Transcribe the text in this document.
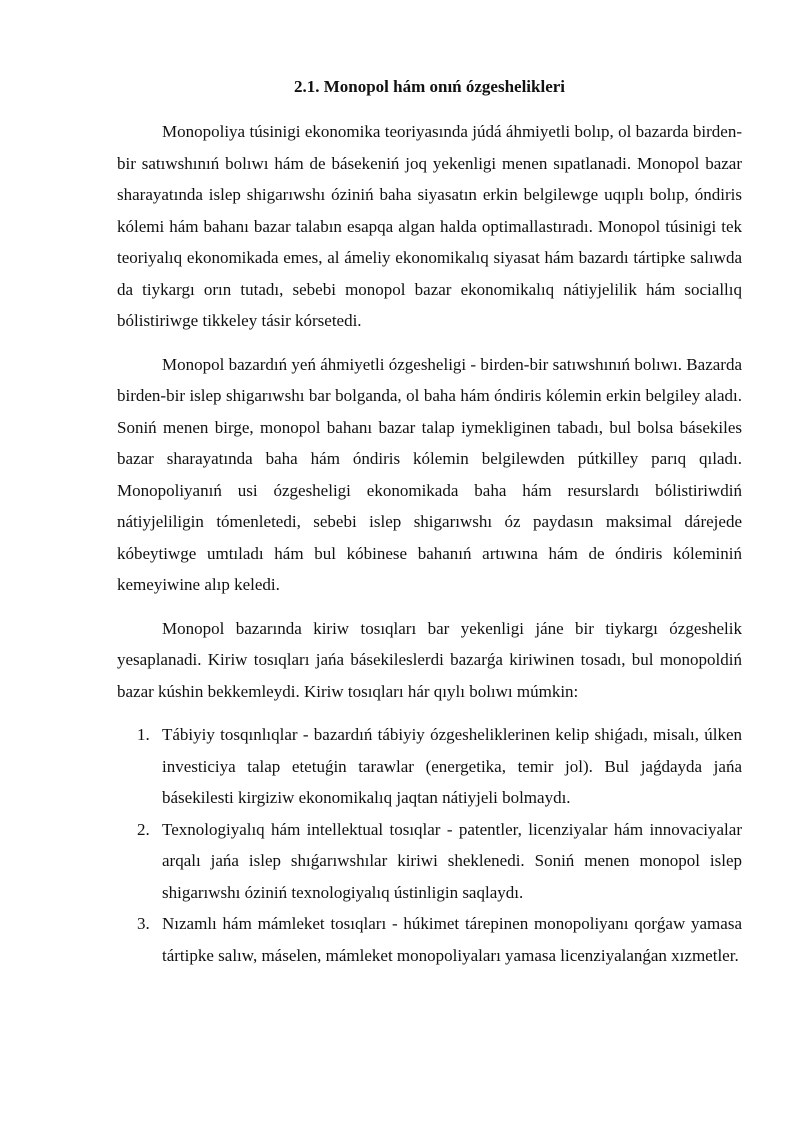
2.1. Monopol hám onıń ózgeshelikleri

Monopoliya túsinigi ekonomika teoriyasında júdá áhmiyetli bolıp, ol bazarda birden-bir satıwshınıń bolıwı hám de básekeniń joq yekenligi menen sıpatlanadi. Monopol bazar sharayatında islep shigarıwshı óziniń baha siyasatın erkin belgilewge uqıplı bolıp, óndiris kólemi hám bahanı bazar talabın esapqa algan halda optimallastıradı. Monopol túsinigi tek teoriyalıq ekonomikada emes, al ámeliy ekonomikalıq siyasat hám bazardı tártipke salıwda da tiykargı orın tutadı, sebebi monopol bazar ekonomikalıq nátiyjelilik hám sociallıq bólistiriwge tikkeley tásir kórsetedi.

Monopol bazardıń yeń áhmiyetli ózgesheligi - birden-bir satıwshınıń bolıwı. Bazarda birden-bir islep shigarıwshı bar bolganda, ol baha hám óndiris kólemin erkin belgiley aladı. Soniń menen birge, monopol bahanı bazar talap iymekliginen tabadı, bul bolsa básekiles bazar sharayatında baha hám óndiris kólemin belgilewden pútkilley parıq qıladı. Monopoliyanıń usi ózgesheligi ekonomikada baha hám resurslardı bólistiriwdiń nátiyjeliligin tómenletedi, sebebi islep shigarıwshı óz paydasın maksimal dárejede kóbeytiwge umtıladı hám bul kóbinese bahanıń artıwına hám de óndiris kóleminiń kemeyiwine alıp keledi.

Monopol bazarında kiriw tosıqları bar yekenligi jáne bir tiykargı ózgeshelik yesaplanadi. Kiriw tosıqları jańa básekileslerdi bazarǵa kiriwinen tosadı, bul monopoldiń bazar kúshin bekkemleydi. Kiriw tosıqları hár qıylı bolıwı múmkin:

1. Tábiyiy tosqınlıqlar - bazardıń tábiyiy ózgesheliklerinen kelip shiǵadı, misalı, úlken investiciya talap etetuǵin tarawlar (energetika, temir jol). Bul jaǵdayda jańa básekilesti kirgiziw ekonomikalıq jaqtan nátiyjeli bolmaydı.
2. Texnologiyalıq hám intellektual tosıqlar - patentler, licenziyalar hám innovaciyalar arqalı jańa islep shıǵarıwshılar kiriwi sheklenedi. Soniń menen monopol islep shigarıwshı óziniń texnologiyalıq ústinligin saqlaydı.
3. Nızamlı hám mámleket tosıqları - húkimet tárepinen monopoliyanı qorǵaw yamasa tártipke salıw, máselen, mámleket monopoliyaları yamasa licenziyalanǵan xızmetler.
